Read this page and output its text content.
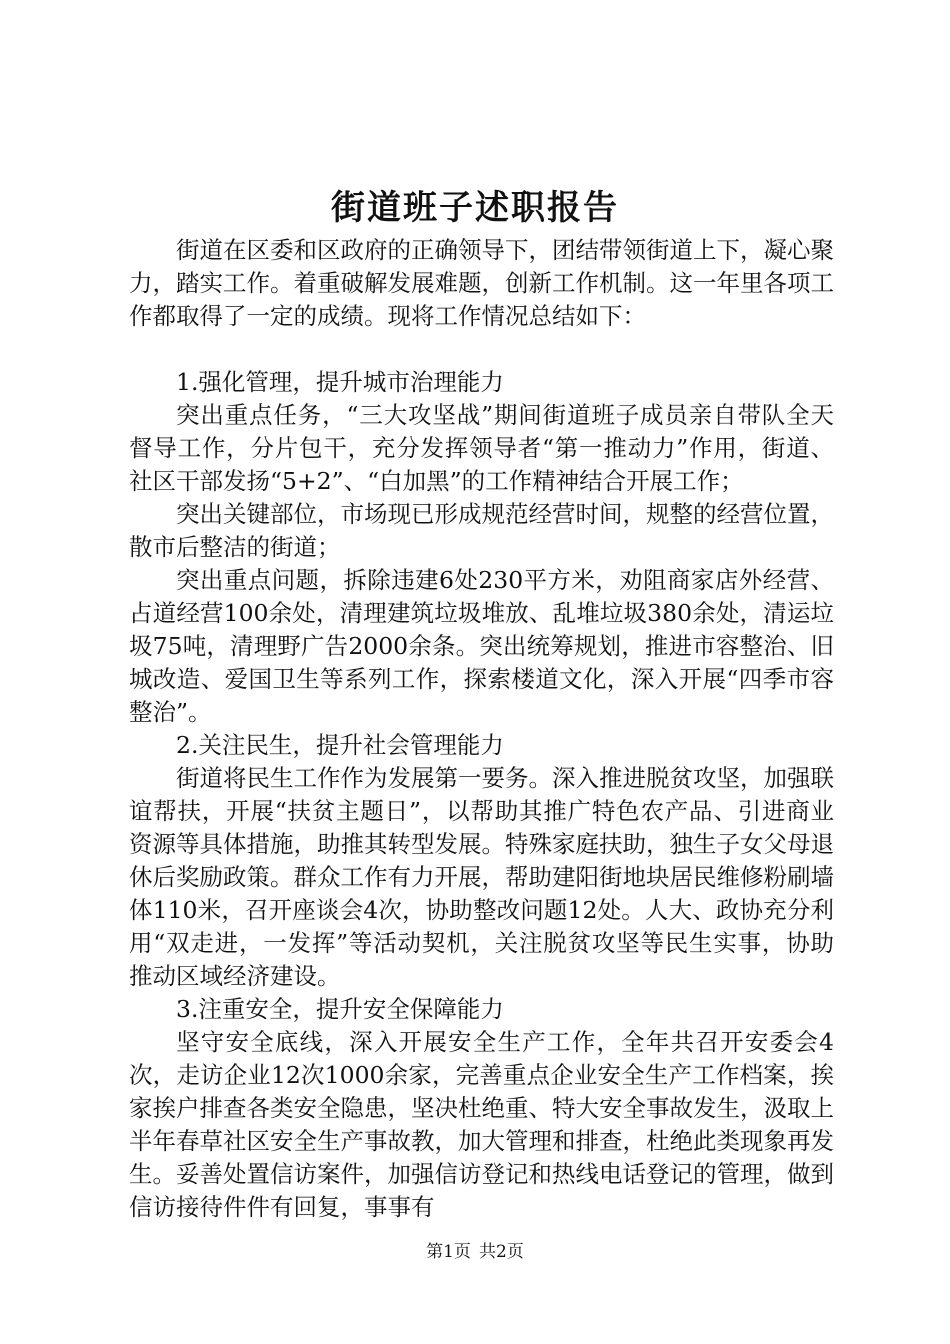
街道班子述职报告

街道在区委和区政府的正确领导下，团结带领街道上下，凝心聚力，踏实工作。着重破解发展难题，创新工作机制。这一年里各项工作都取得了一定的成绩。现将工作情况总结如下：

1.强化管理，提升城市治理能力

突出重点任务，“三大攻坚战”期间街道班子成员亲自带队全天督导工作，分片包干，充分发挥领导者“第一推动力”作用，街道、社区干部发扬“5+2”、“白加黑”的工作精神结合开展工作；

突出关键部位，市场现已形成规范经营时间，规整的经营位置，散市后整洁的街道；

突出重点问题，拆除违建6处230平方米，劝阻商家店外经营、占道经营100余处，清理建筑垃圾堆放、乱堆垃圾380余处，清运垃圾75吨，清理野广告2000余条。突出统筹规划，推进市容整治、旧城改造、爱国卫生等系列工作，探索楼道文化，深入开展“四季市容整治”。

2.关注民生，提升社会管理能力

街道将民生工作作为发展第一要务。深入推进脱贫攻坚，加强联谊帮扶，开展“扶贫主题日”，以帮助其推广特色农产品、引进商业资源等具体措施，助推其转型发展。特殊家庭扶助，独生子女父母退休后奖励政策。群众工作有力开展，帮助建阳街地块居民维修粉刷墙体110米，召开座谈会4次，协助整改问题12处。人大、政协充分利用“双走进，一发挥”等活动契机，关注脱贫攻坚等民生实事，协助推动区域经济建设。

3.注重安全，提升安全保障能力

坚守安全底线，深入开展安全生产工作，全年共召开安委会4次，走访企业12次1000余家，完善重点企业安全生产工作档案，挨家挨户排查各类安全隐患，坚决杜绝重、特大安全事故发生，汲取上半年春草社区安全生产事故教，加大管理和排查，杜绝此类现象再发生。妥善处置信访案件，加强信访登记和热线电话登记的管理，做到信访接待件件有回复，事事有

第1页 共2页
